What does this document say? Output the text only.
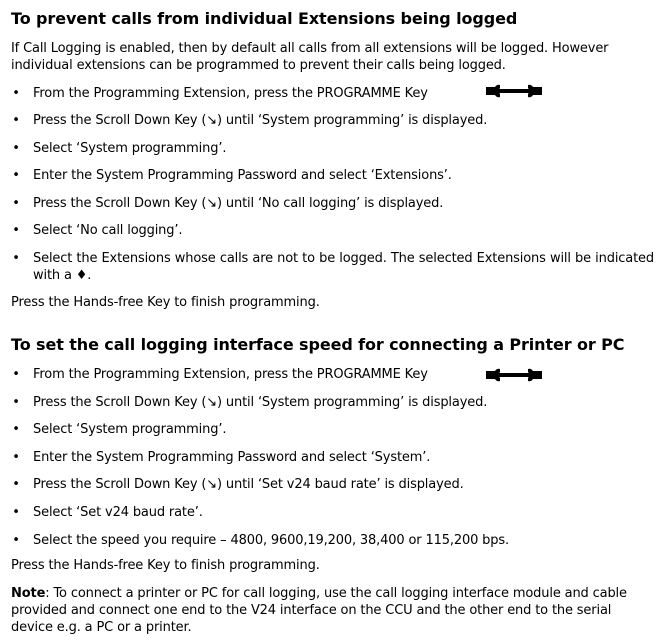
To prevent calls from individual Extensions being logged

If Call Logging is enabled, then by default all calls from all extensions will be logged. However individual extensions can be programmed to prevent their calls being logged.

• From the Programming Extension, press the PROGRAMME Key
• Press the Scroll Down Key (↘) until ‘System programming’ is displayed.
• Select ‘System programming’.
• Enter the System Programming Password and select ‘Extensions’.
• Press the Scroll Down Key (↘) until ‘No call logging’ is displayed.
• Select ‘No call logging’.
• Select the Extensions whose calls are not to be logged. The selected Extensions will be indicated with a ♦.

Press the Hands-free Key to finish programming.

To set the call logging interface speed for connecting a Printer or PC
• From the Programming Extension, press the PROGRAMME Key
• Press the Scroll Down Key (↘) until ‘System programming’ is displayed.
• Select ‘System programming’.
• Enter the System Programming Password and select ‘System’.
• Press the Scroll Down Key (↘) until ‘Set v24 baud rate’ is displayed.
• Select ‘Set v24 baud rate’.
• Select the speed you require – 4800, 9600,19,200, 38,400 or 115,200 bps.

Press the Hands-free Key to finish programming.

Note: To connect a printer or PC for call logging, use the call logging interface module and cable provided and connect one end to the V24 interface on the CCU and the other end to the serial device e.g. a PC or a printer.
